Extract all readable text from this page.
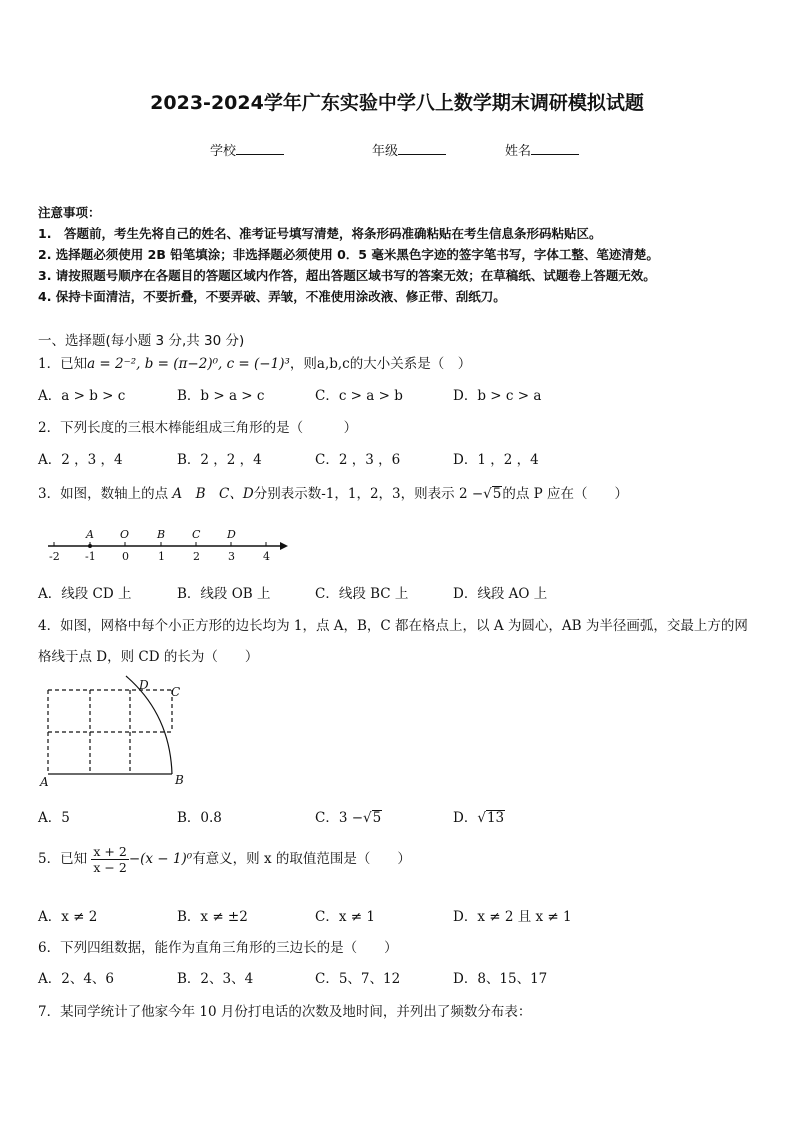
2023-2024学年广东实验中学八上数学期末调研模拟试题
学校	年级	姓名
注意事项：
1.　答题前，考生先将自己的姓名、准考证号填写清楚，将条形码准确粘贴在考生信息条形码粘贴区。
2. 选择题必须使用 2B 铅笔填涂；非选择题必须使用 0．5 毫米黑色字迹的签字笔书写，字体工整、笔迹清楚。
3. 请按照题号顺序在各题目的答题区域内作答，超出答题区域书写的答案无效；在草稿纸、试题卷上答题无效。
4. 保持卡面清洁，不要折叠，不要弄破、弄皱，不准使用涂改液、修正带、刮纸刀。
一、选择题(每小题 3 分,共 30 分)
1．已知a = 2⁻², b = (π−2)⁰, c = (−1)³，则a,b,c的大小关系是（　）
A．a > b > c	B．b > a > c	C．c > a > b	D．b > c > a
2．下列长度的三根木棒能组成三角形的是（　　　）
A．2 ，3 ，4	B．2 ，2 ，4	C．2 ，3 ，6	D．1 ，2 ，4
3．如图，数轴上的点 A　B　C、D分别表示数-1，1，2，3，则表示 2 −√5的点 P 应在（　　）
-2 -1 0	1	2	3	4
A O	B C D
A．线段 CD 上	B．线段 OB 上	C．线段 BC 上	D．线段 AO 上
4．如图，网格中每个小正方形的边长均为 1，点 A，B，C 都在格点上，以 A 为圆心，AB 为半径画弧，交最上方的网
格线于点 D，则 CD 的长为（　　）
A	B
C
D
A．5	B．0.8	C．3 −√5	D．√13
5．已知 $\frac{x + 2}{x - 2} -(x - 1)^0$有意义，则 x 的取值范围是（　　）
A．x ≠ 2	B．x ≠ ±2	C．x ≠ 1	D．x ≠ 2 且 x ≠ 1
6．下列四组数据，能作为直角三角形的三边长的是（　　）
A．2、4、6	B．2、3、4	C．5、7、12	D．8、15、17
7．某同学统计了他家今年 10 月份打电话的次数及地时间，并列出了频数分布表：
